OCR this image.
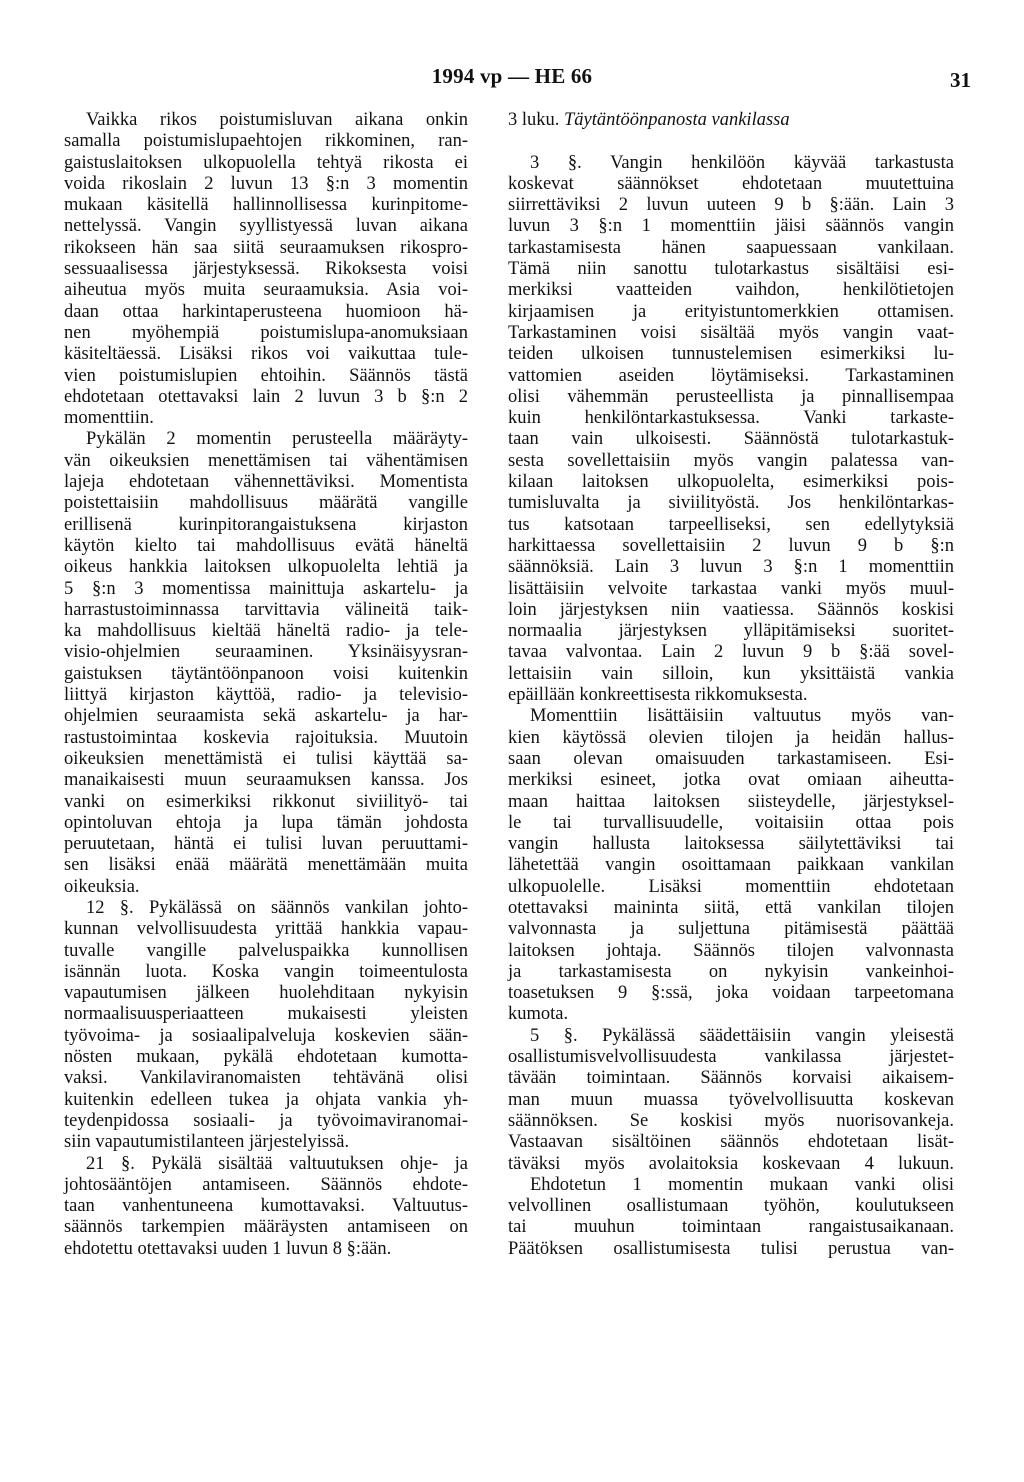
1994 vp — HE 66	31
Vaikka rikos poistumisluvan aikana onkin
samalla poistumislupaehtojen rikkominen, ran-
gaistuslaitoksen ulkopuolella tehtyä rikosta ei
voida rikoslain 2 luvun 13 §:n 3 momentin
mukaan käsitellä hallinnollisessa kurinpitome-
nettelyssä. Vangin syyllistyessä luvan aikana
rikokseen hän saa siitä seuraamuksen rikospro-
sessuaalisessa järjestyksessä. Rikoksesta voisi
aiheutua myös muita seuraamuksia. Asia voi-
daan ottaa harkintaperusteena huomioon hä-
nen myöhempiä poistumislupa-anomuksiaan
käsiteltäessä. Lisäksi rikos voi vaikuttaa tule-
vien poistumislupien ehtoihin. Säännös tästä
ehdotetaan otettavaksi lain 2 luvun 3 b §:n 2
momenttiin.
Pykälän 2 momentin perusteella määräyty-
vän oikeuksien menettämisen tai vähentämisen
lajeja ehdotetaan vähennettäviksi. Momentista
poistettaisiin mahdollisuus määrätä vangille
erillisenä kurinpitorangaistuksena kirjaston
käytön kielto tai mahdollisuus evätä häneltä
oikeus hankkia laitoksen ulkopuolelta lehtiä ja
5 §:n 3 momentissa mainittuja askartelu- ja
harrastustoiminnassa tarvittavia välineitä taik-
ka mahdollisuus kieltää häneltä radio- ja tele-
visio-ohjelmien seuraaminen. Yksinäisyysran-
gaistuksen täytäntöönpanoon voisi kuitenkin
liittyä kirjaston käyttöä, radio- ja televisio-
ohjelmien seuraamista sekä askartelu- ja har-
rastustoimintaa koskevia rajoituksia. Muutoin
oikeuksien menettämistä ei tulisi käyttää sa-
manaikaisesti muun seuraamuksen kanssa. Jos
vanki on esimerkiksi rikkonut siviilityö- tai
opintoluvan ehtoja ja lupa tämän johdosta
peruutetaan, häntä ei tulisi luvan peruuttami-
sen lisäksi enää määrätä menettämään muita
oikeuksia.
12 §. Pykälässä on säännös vankilan johto-
kunnan velvollisuudesta yrittää hankkia vapau-
tuvalle vangille palveluspaikka kunnollisen
isännän luota. Koska vangin toimeentulosta
vapautumisen jälkeen huolehditaan nykyisin
normaalisuusperiaatteen mukaisesti yleisten
työvoima- ja sosiaalipalveluja koskevien sään-
nösten mukaan, pykälä ehdotetaan kumotta-
vaksi. Vankilaviranomaisten tehtävänä olisi
kuitenkin edelleen tukea ja ohjata vankia yh-
teydenpidossa sosiaali- ja työvoimaviranomai-
siin vapautumistilanteen järjestelyissä.
21 §. Pykälä sisältää valtuutuksen ohje- ja
johtosääntöjen antamiseen. Säännös ehdote-
taan vanhentuneena kumottavaksi. Valtuutus-
säännös tarkempien määräysten antamiseen on
ehdotettu otettavaksi uuden 1 luvun 8 §:ään.
3 luku. Täytäntöönpanosta vankilassa
3 §. Vangin henkilöön käyvää tarkastusta
koskevat säännökset ehdotetaan muutettuina
siirrettäviksi 2 luvun uuteen 9 b §:ään. Lain 3
luvun 3 §:n 1 momenttiin jäisi säännös vangin
tarkastamisesta hänen saapuessaan vankilaan.
Tämä niin sanottu tulotarkastus sisältäisi esi-
merkiksi vaatteiden vaihdon, henkilötietojen
kirjaamisen ja erityistuntomerkkien ottamisen.
Tarkastaminen voisi sisältää myös vangin vaat-
teiden ulkoisen tunnustelemisen esimerkiksi lu-
vattomien aseiden löytämiseksi. Tarkastaminen
olisi vähemmän perusteellista ja pinnallisempaa
kuin henkilöntarkastuksessa. Vanki tarkaste-
taan vain ulkoisesti. Säännöstä tulotarkastuk-
sesta sovellettaisiin myös vangin palatessa van-
kilaan laitoksen ulkopuolelta, esimerkiksi pois-
tumisluvalta ja siviilityöstä. Jos henkilöntarkas-
tus katsotaan tarpeelliseksi, sen edellytyksiä
harkittaessa sovellettaisiin 2 luvun 9 b §:n
säännöksiä. Lain 3 luvun 3 §:n 1 momenttiin
lisättäisiin velvoite tarkastaa vanki myös muul-
loin järjestyksen niin vaatiessa. Säännös koskisi
normaalia järjestyksen ylläpitämiseksi suoritet-
tavaa valvontaa. Lain 2 luvun 9 b §:ää sovel-
lettaisiin vain silloin, kun yksittäistä vankia
epäillään konkreettisesta rikkomuksesta.
Momenttiin lisättäisiin valtuutus myös van-
kien käytössä olevien tilojen ja heidän hallus-
saan olevan omaisuuden tarkastamiseen. Esi-
merkiksi esineet, jotka ovat omiaan aiheutta-
maan haittaa laitoksen siisteydelle, järjestyksel-
le tai turvallisuudelle, voitaisiin ottaa pois
vangin hallusta laitoksessa säilytettäviksi tai
lähetettää vangin osoittamaan paikkaan vankilan
ulkopuolelle. Lisäksi momenttiin ehdotetaan
otettavaksi maininta siitä, että vankilan tilojen
valvonnasta ja suljettuna pitämisestä päättää
laitoksen johtaja. Säännös tilojen valvonnasta
ja tarkastamisesta on nykyisin vankeinhoi-
toasetuksen 9 §:ssä, joka voidaan tarpeetomana
kumota.
5 §. Pykälässä säädettäisiin vangin yleisestä
osallistumisvelvollisuudesta vankilassa järjestet-
tävään toimintaan. Säännös korvaisi aikaisem-
man muun muassa työvelvollisuutta koskevan
säännöksen. Se koskisi myös nuorisovankeja.
Vastaavan sisältöinen säännös ehdotetaan lisät-
täväksi myös avolaitoksia koskevaan 4 lukuun.
Ehdotetun 1 momentin mukaan vanki olisi
velvollinen osallistumaan työhön, koulutukseen
tai muuhun toimintaan rangaistusaikanaan.
Päätöksen osallistumisesta tulisi perustua van-
